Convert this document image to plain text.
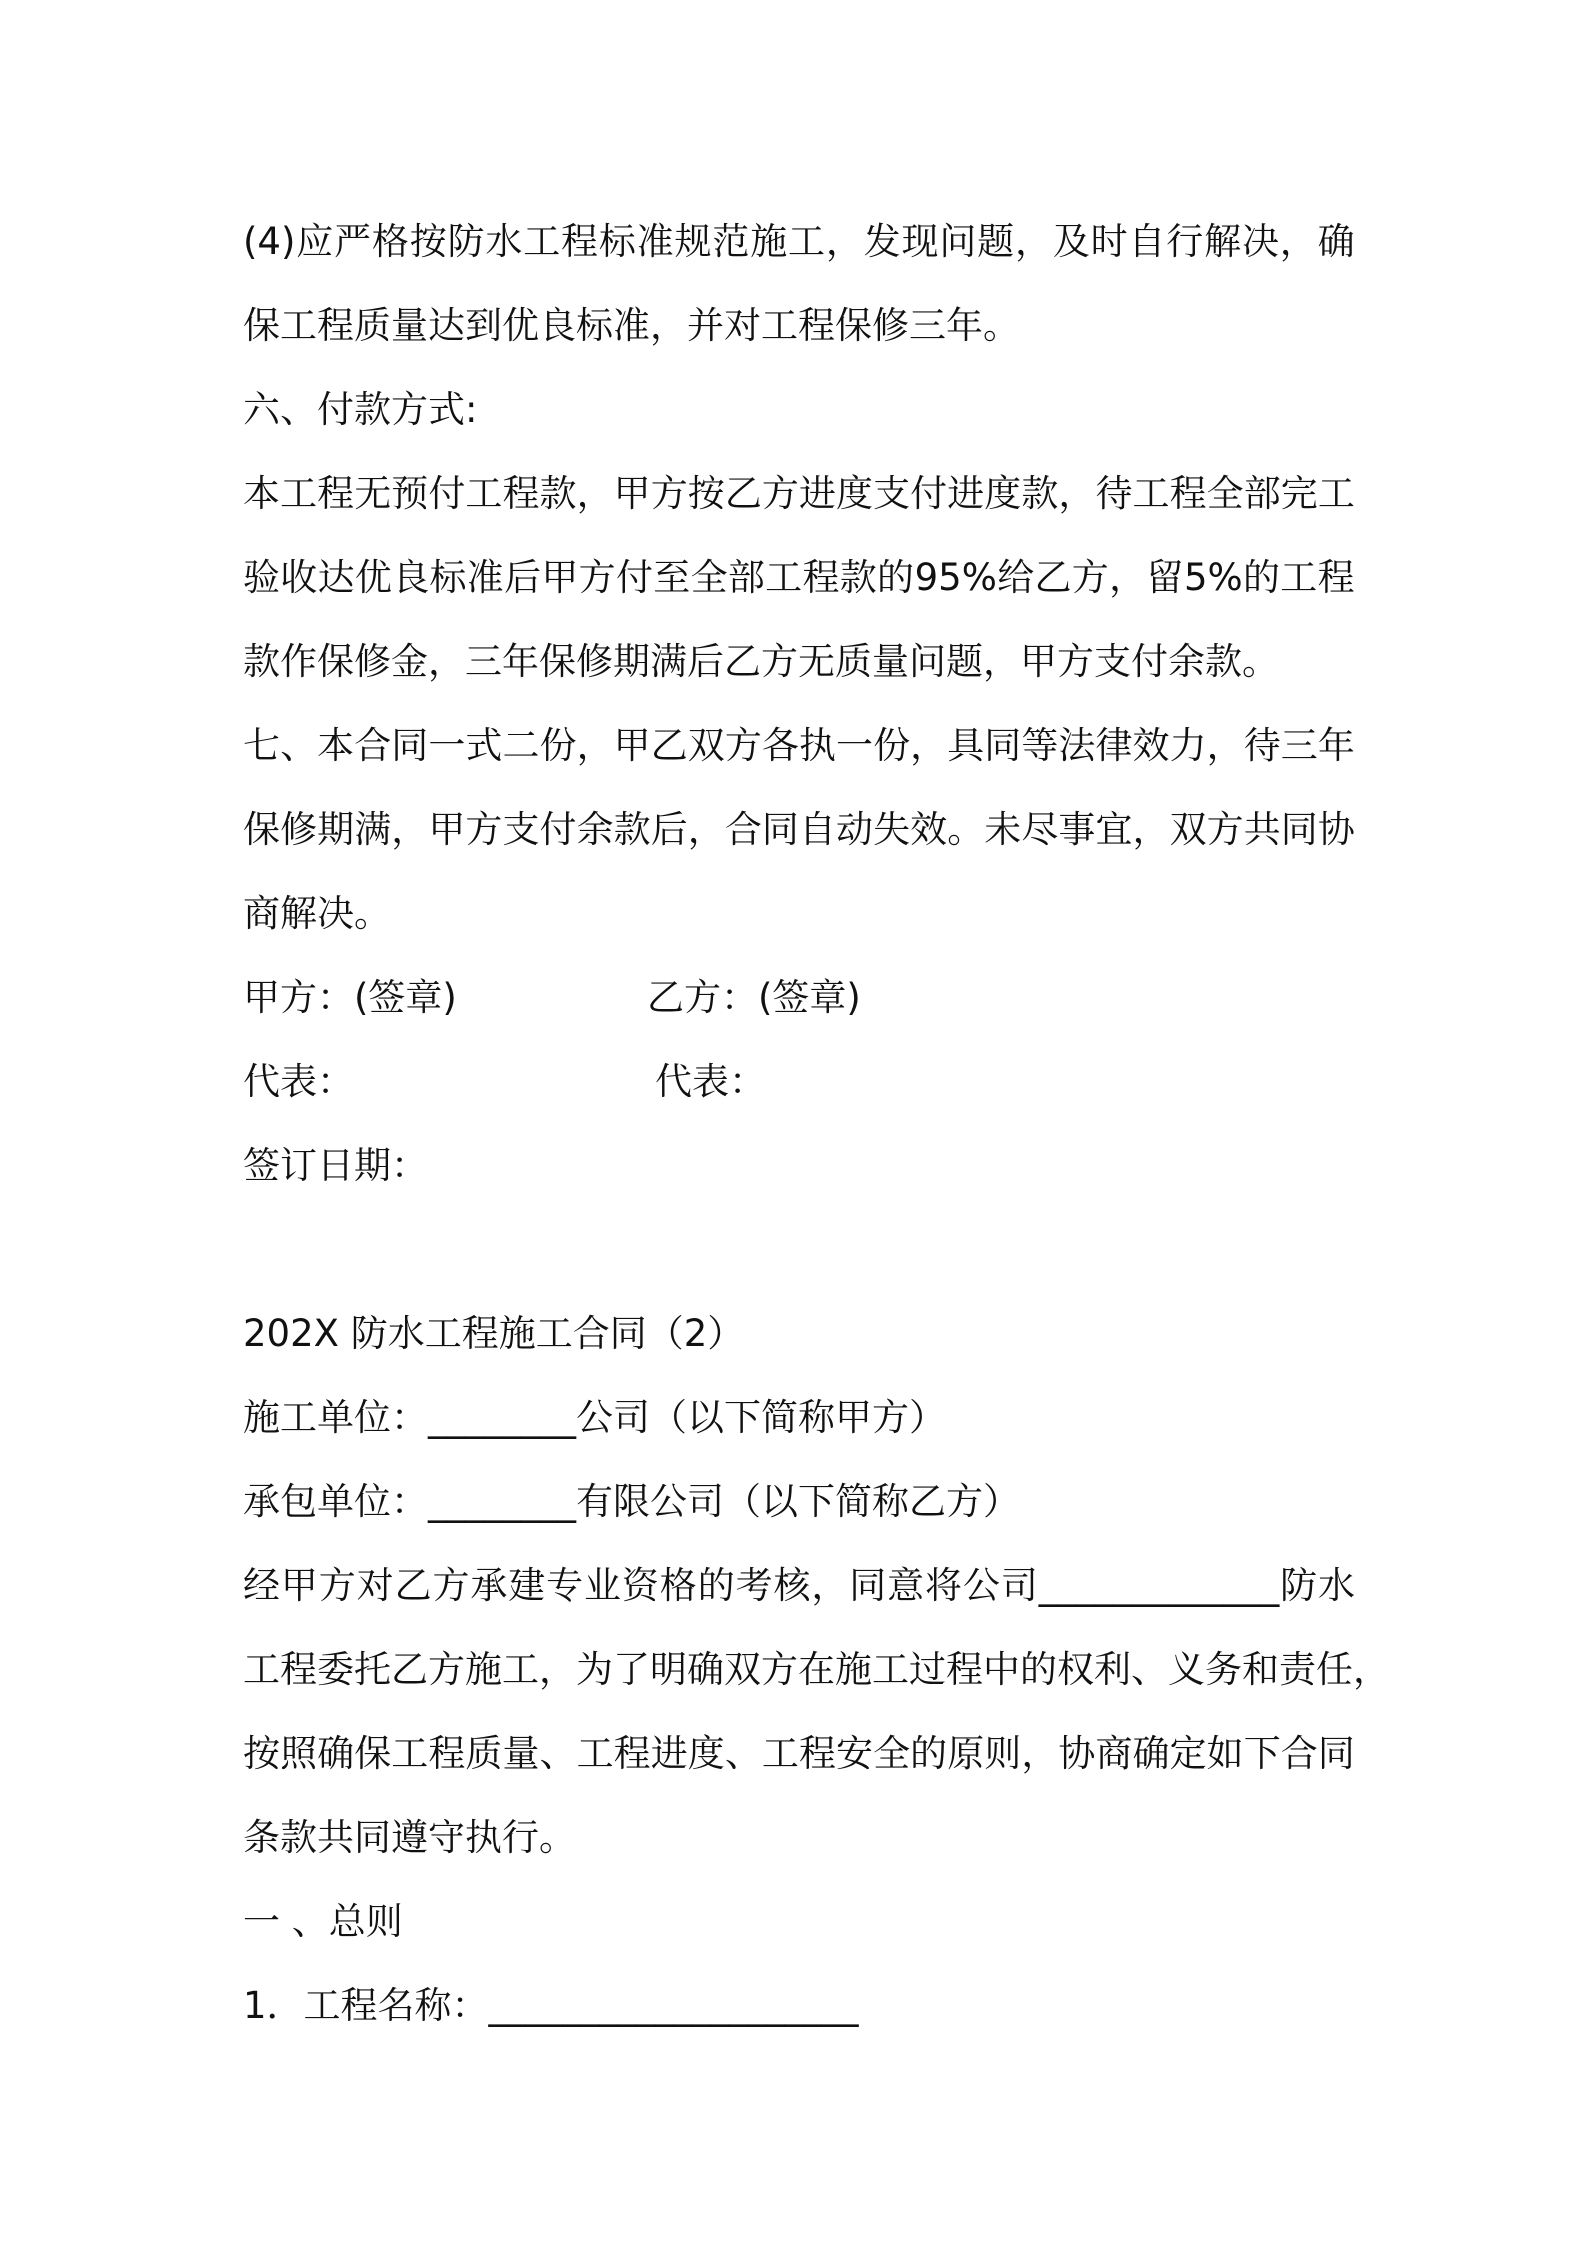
(4) 应 严 格 按 防 水 工 程 标 准 规 范 施 工 ， 发 现 问 题 ， 及 时 自 行 解 决 ， 确
保工程质量达到优良标准，并对工程保修三年。
六、付款方式:
本 工 程 无 预 付 工 程 款 ， 甲 方 按 乙 方 进 度 支 付 进 度 款 ， 待 工 程 全 部 完 工
验 收 达 优 良 标 准 后 甲 方 付 至 全 部 工 程 款 的 95% 给 乙 方 ， 留 5% 的 工 程
款作保修金，三年保修期满后乙方无质量问题，甲方支付余款。
七 、 本 合 同 一 式 二 份 ， 甲 乙 双 方 各 执 一 份 ， 具 同 等 法 律 效 力 ， 待 三 年
保 修 期 满 ， 甲 方 支 付 余 款 后 ， 合 同 自 动 失 效 。 未 尽 事 宜 ， 双 方 共 同 协
商解决。
甲方：(签章)	乙方：(签章)
代表：	代表：
签订日期：
202X 防水工程施工合同（2）
施工单位：________公司（以下简称甲方）
承包单位：________有限公司（以下简称乙方）
经 甲 方 对 乙 方 承 建 专 业 资 格 的 考 核 ， 同 意 将 公 司 _____________ 防 水
工 程 委 托 乙 方 施 工 ， 为 了 明 确 双 方 在 施 工 过 程 中 的 权 利 、 义 务 和 责 任 ，
按 照 确 保 工 程 质 量 、 工 程 进 度 、 工 程 安 全 的 原 则 ， 协 商 确 定 如 下 合 同
条款共同遵守执行。
一 、总则
1．工程名称：____________________
